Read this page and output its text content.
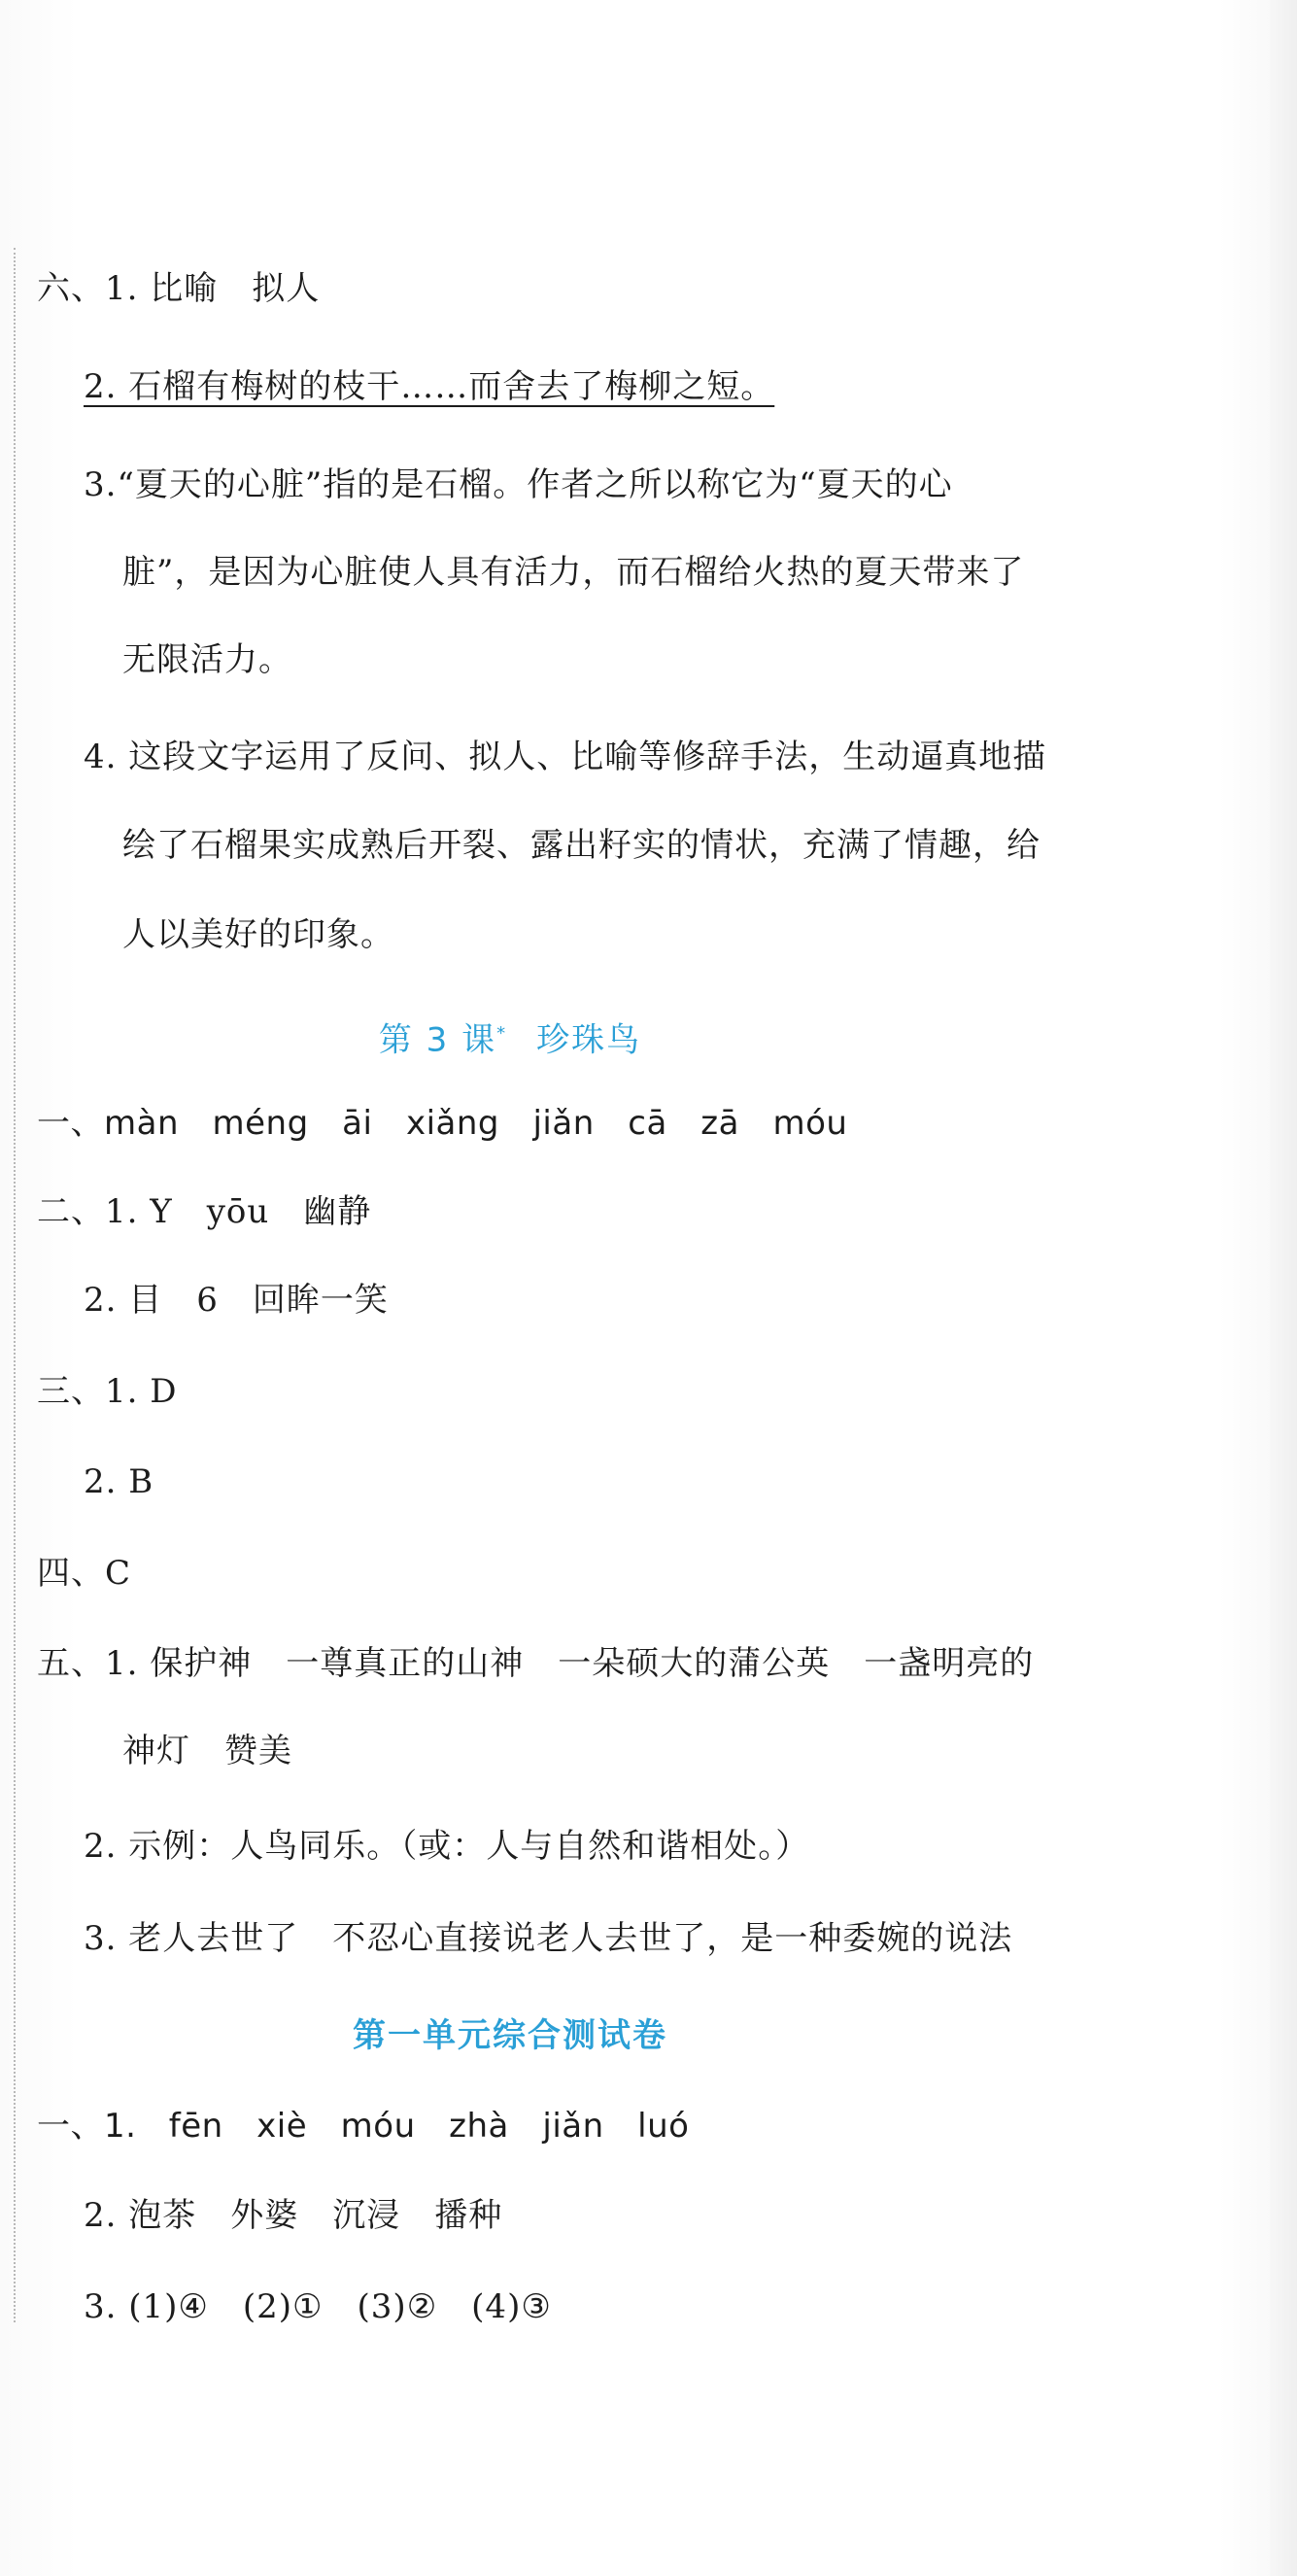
六、1. 比喻　拟人
2. 石榴有梅树的枝干……而舍去了梅柳之短。
3.“夏天的心脏”指的是石榴。作者之所以称它为“夏天的心
脏”，是因为心脏使人具有活力，而石榴给火热的夏天带来了
无限活力。
4. 这段文字运用了反问、拟人、比喻等修辞手法，生动逼真地描
绘了石榴果实成熟后开裂、露出籽实的情状，充满了情趣，给
人以美好的印象。
第 3 课* 珍珠鸟
一、màn　méng　āi　xiǎng　jiǎn　cā　zā　móu
二、1. Y　yōu　幽静
2. 目　6　回眸一笑
三、1. D
2. B
四、C
五、1. 保护神　一尊真正的山神　一朵硕大的蒲公英　一盏明亮的
神灯　赞美
2. 示例：人鸟同乐。（或：人与自然和谐相处。）
3. 老人去世了　不忍心直接说老人去世了，是一种委婉的说法
第一单元综合测试卷
一、1. fēn　xiè　móu　zhà　jiǎn　luó
2. 泡茶　外婆　沉浸　播种
3. (1)④　(2)①　(3)②　(4)③
